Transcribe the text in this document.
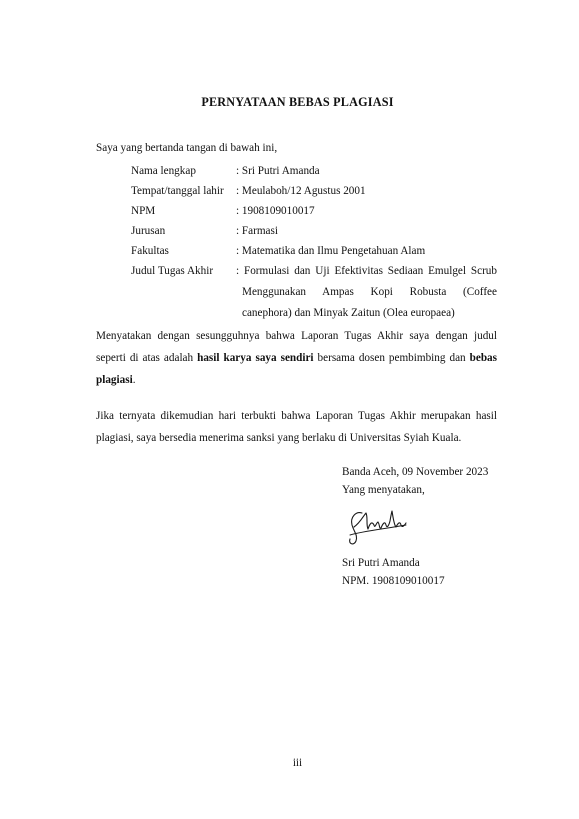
PERNYATAAN BEBAS PLAGIASI
Saya yang bertanda tangan di bawah ini,
Nama lengkap	: Sri Putri Amanda
Tempat/tanggal lahir	: Meulaboh/12 Agustus 2001
NPM	: 1908109010017
Jurusan	: Farmasi
Fakultas	: Matematika dan Ilmu Pengetahuan Alam
Judul Tugas Akhir	: Formulasi dan Uji Efektivitas Sediaan Emulgel Scrub
Menggunakan Ampas Kopi Robusta (Coffee
canephora) dan Minyak Zaitun (Olea europaea)
Menyatakan dengan sesungguhnya bahwa Laporan Tugas Akhir saya dengan judul
seperti di atas adalah hasil karya saya sendiri bersama dosen pembimbing dan bebas
plagiasi.
Jika ternyata dikemudian hari terbukti bahwa Laporan Tugas Akhir merupakan hasil
plagiasi, saya bersedia menerima sanksi yang berlaku di Universitas Syiah Kuala.
Banda Aceh, 09 November 2023
Yang menyatakan,
Sri Putri Amanda
NPM. 1908109010017
iii
